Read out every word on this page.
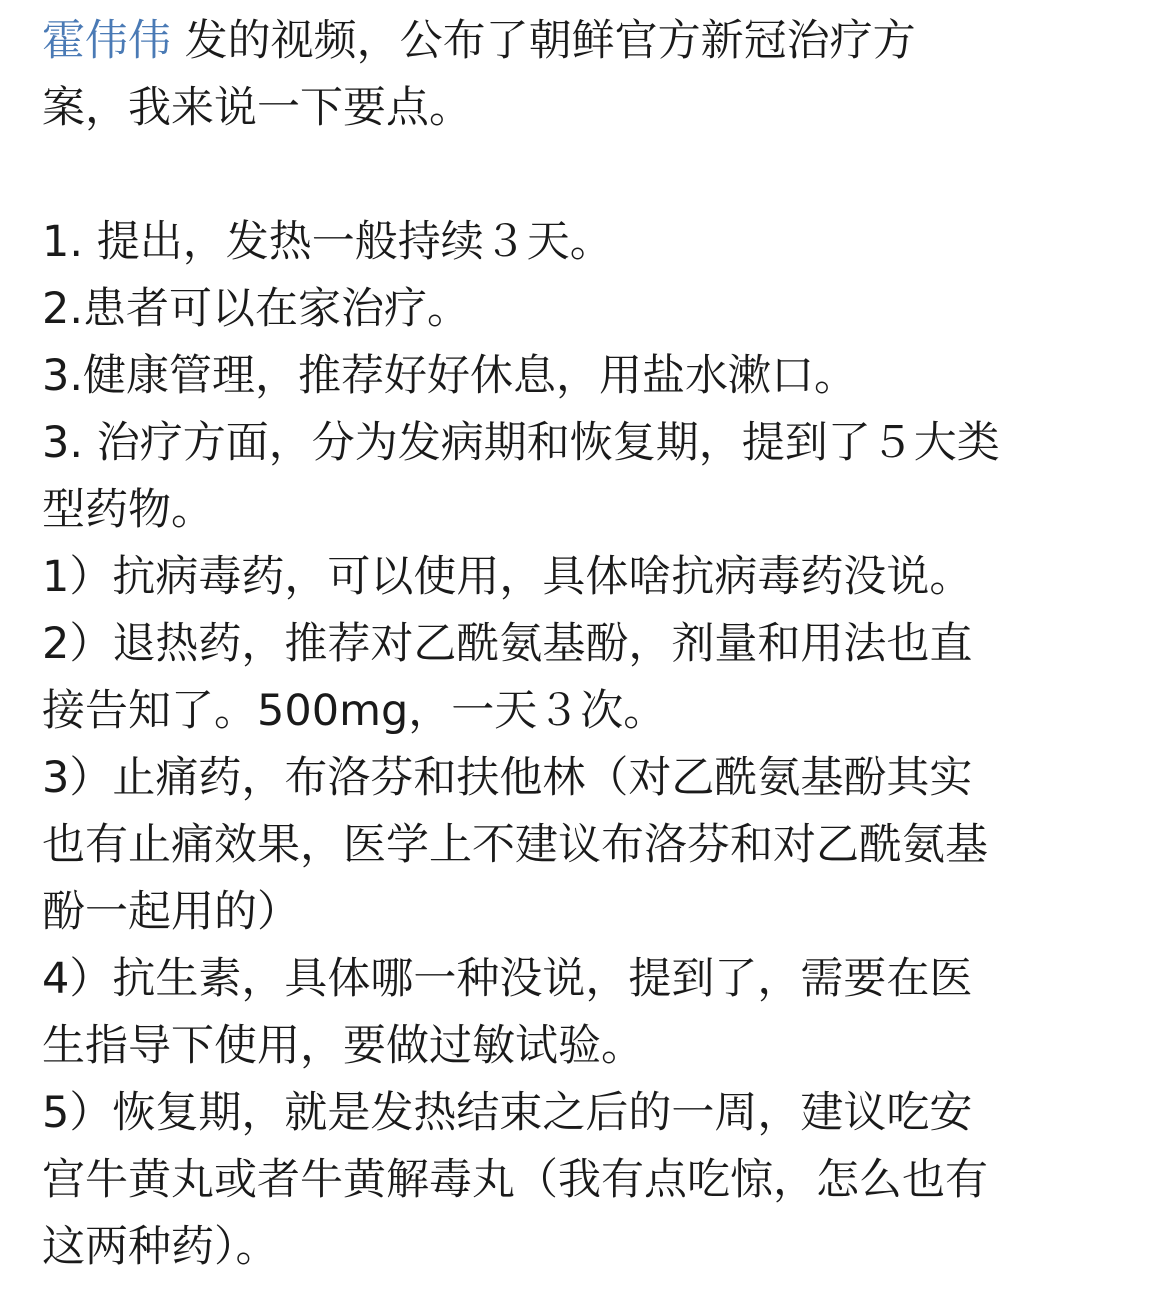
霍伟伟 发的视频，公布了朝鲜官方新冠治疗方

案，我来说一下要点。

1. 提出，发热一般持续３天。

2.患者可以在家治疗。

3.健康管理，推荐好好休息，用盐水漱口。

3. 治疗方面，分为发病期和恢复期，提到了５大类

型药物。

1）抗病毒药，可以使用，具体啥抗病毒药没说。

2）退热药，推荐对乙酰氨基酚，剂量和用法也直

接告知了。500mg，一天３次。

3）止痛药，布洛芬和扶他林（对乙酰氨基酚其实

也有止痛效果，医学上不建议布洛芬和对乙酰氨基

酚一起用的）

4）抗生素，具体哪一种没说，提到了，需要在医

生指导下使用，要做过敏试验。

5）恢复期，就是发热结束之后的一周，建议吃安

宫牛黄丸或者牛黄解毒丸（我有点吃惊，怎么也有

这两种药）。
